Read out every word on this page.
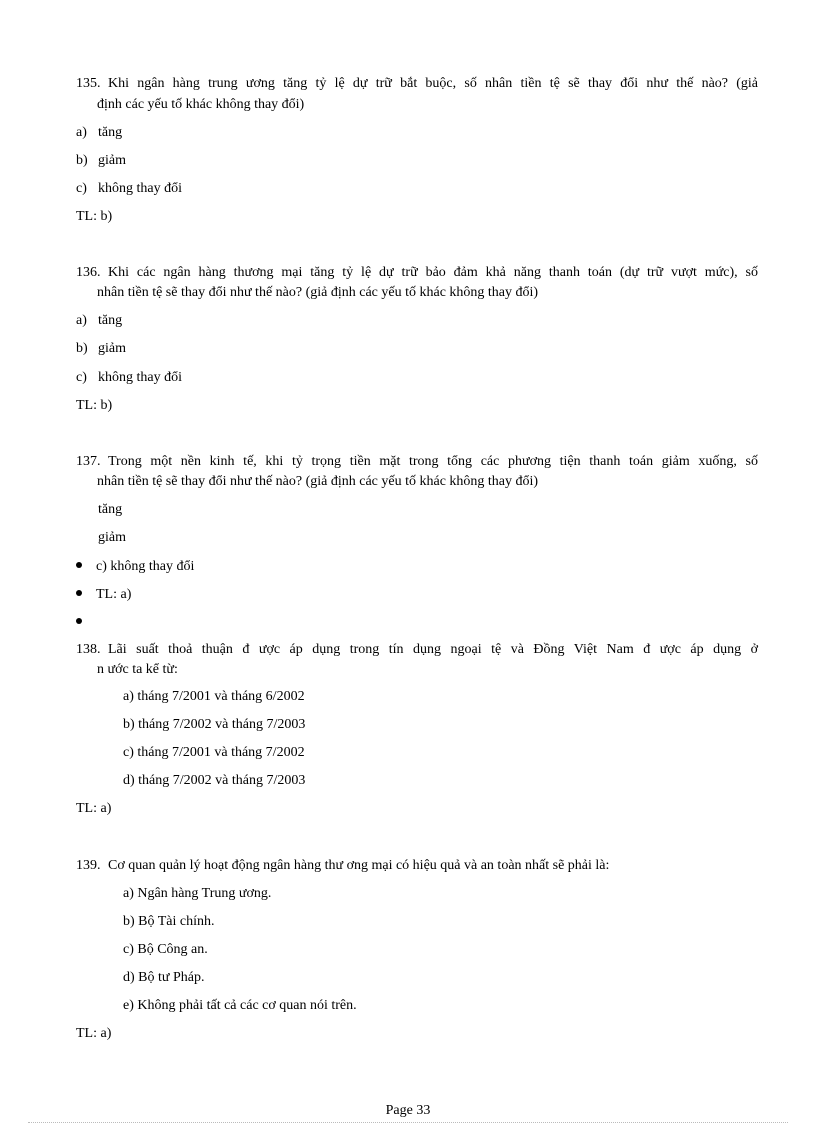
135. Khi ngân hàng trung ương tăng tỷ lệ dự trữ bắt buộc, số nhân tiền tệ sẽ thay đổi như thế nào? (giả
định các yếu tố khác không thay đổi)
a) tăng
b) giảm
c) không thay đổi
TL: b)
136. Khi các ngân hàng thương mại tăng tỷ lệ dự trữ bảo đảm khả năng thanh toán (dự trữ vượt mức), số
nhân tiền tệ sẽ thay đổi như thế nào? (giả định các yếu tố khác không thay đổi)
a) tăng
b) giảm
c) không thay đổi
TL: b)
137. Trong một nền kinh tế, khi tỷ trọng tiền mặt trong tổng các phương tiện thanh toán giảm xuống, số
nhân tiền tệ sẽ thay đổi như thế nào? (giả định các yếu tố khác không thay đổi)
tăng
giảm
c) không thay đổi
TL: a)
138. Lãi suất thoả thuận đ ược áp dụng trong tín dụng ngoại tệ và Đồng Việt Nam đ ược áp dụng ở
n ước ta kể từ:
a) tháng 7/2001 và tháng 6/2002
b) tháng 7/2002 và tháng 7/2003
c) tháng 7/2001 và tháng 7/2002
d) tháng 7/2002 và tháng 7/2003
TL: a)
139. Cơ quan quản lý hoạt động ngân hàng thư ơng mại có hiệu quả và an toàn nhất sẽ phải là:
a) Ngân hàng Trung ương.
b) Bộ Tài chính.
c) Bộ Công an.
d) Bộ tư Pháp.
e) Không phải tất cả các cơ quan nói trên.
TL: a)
Page 33
